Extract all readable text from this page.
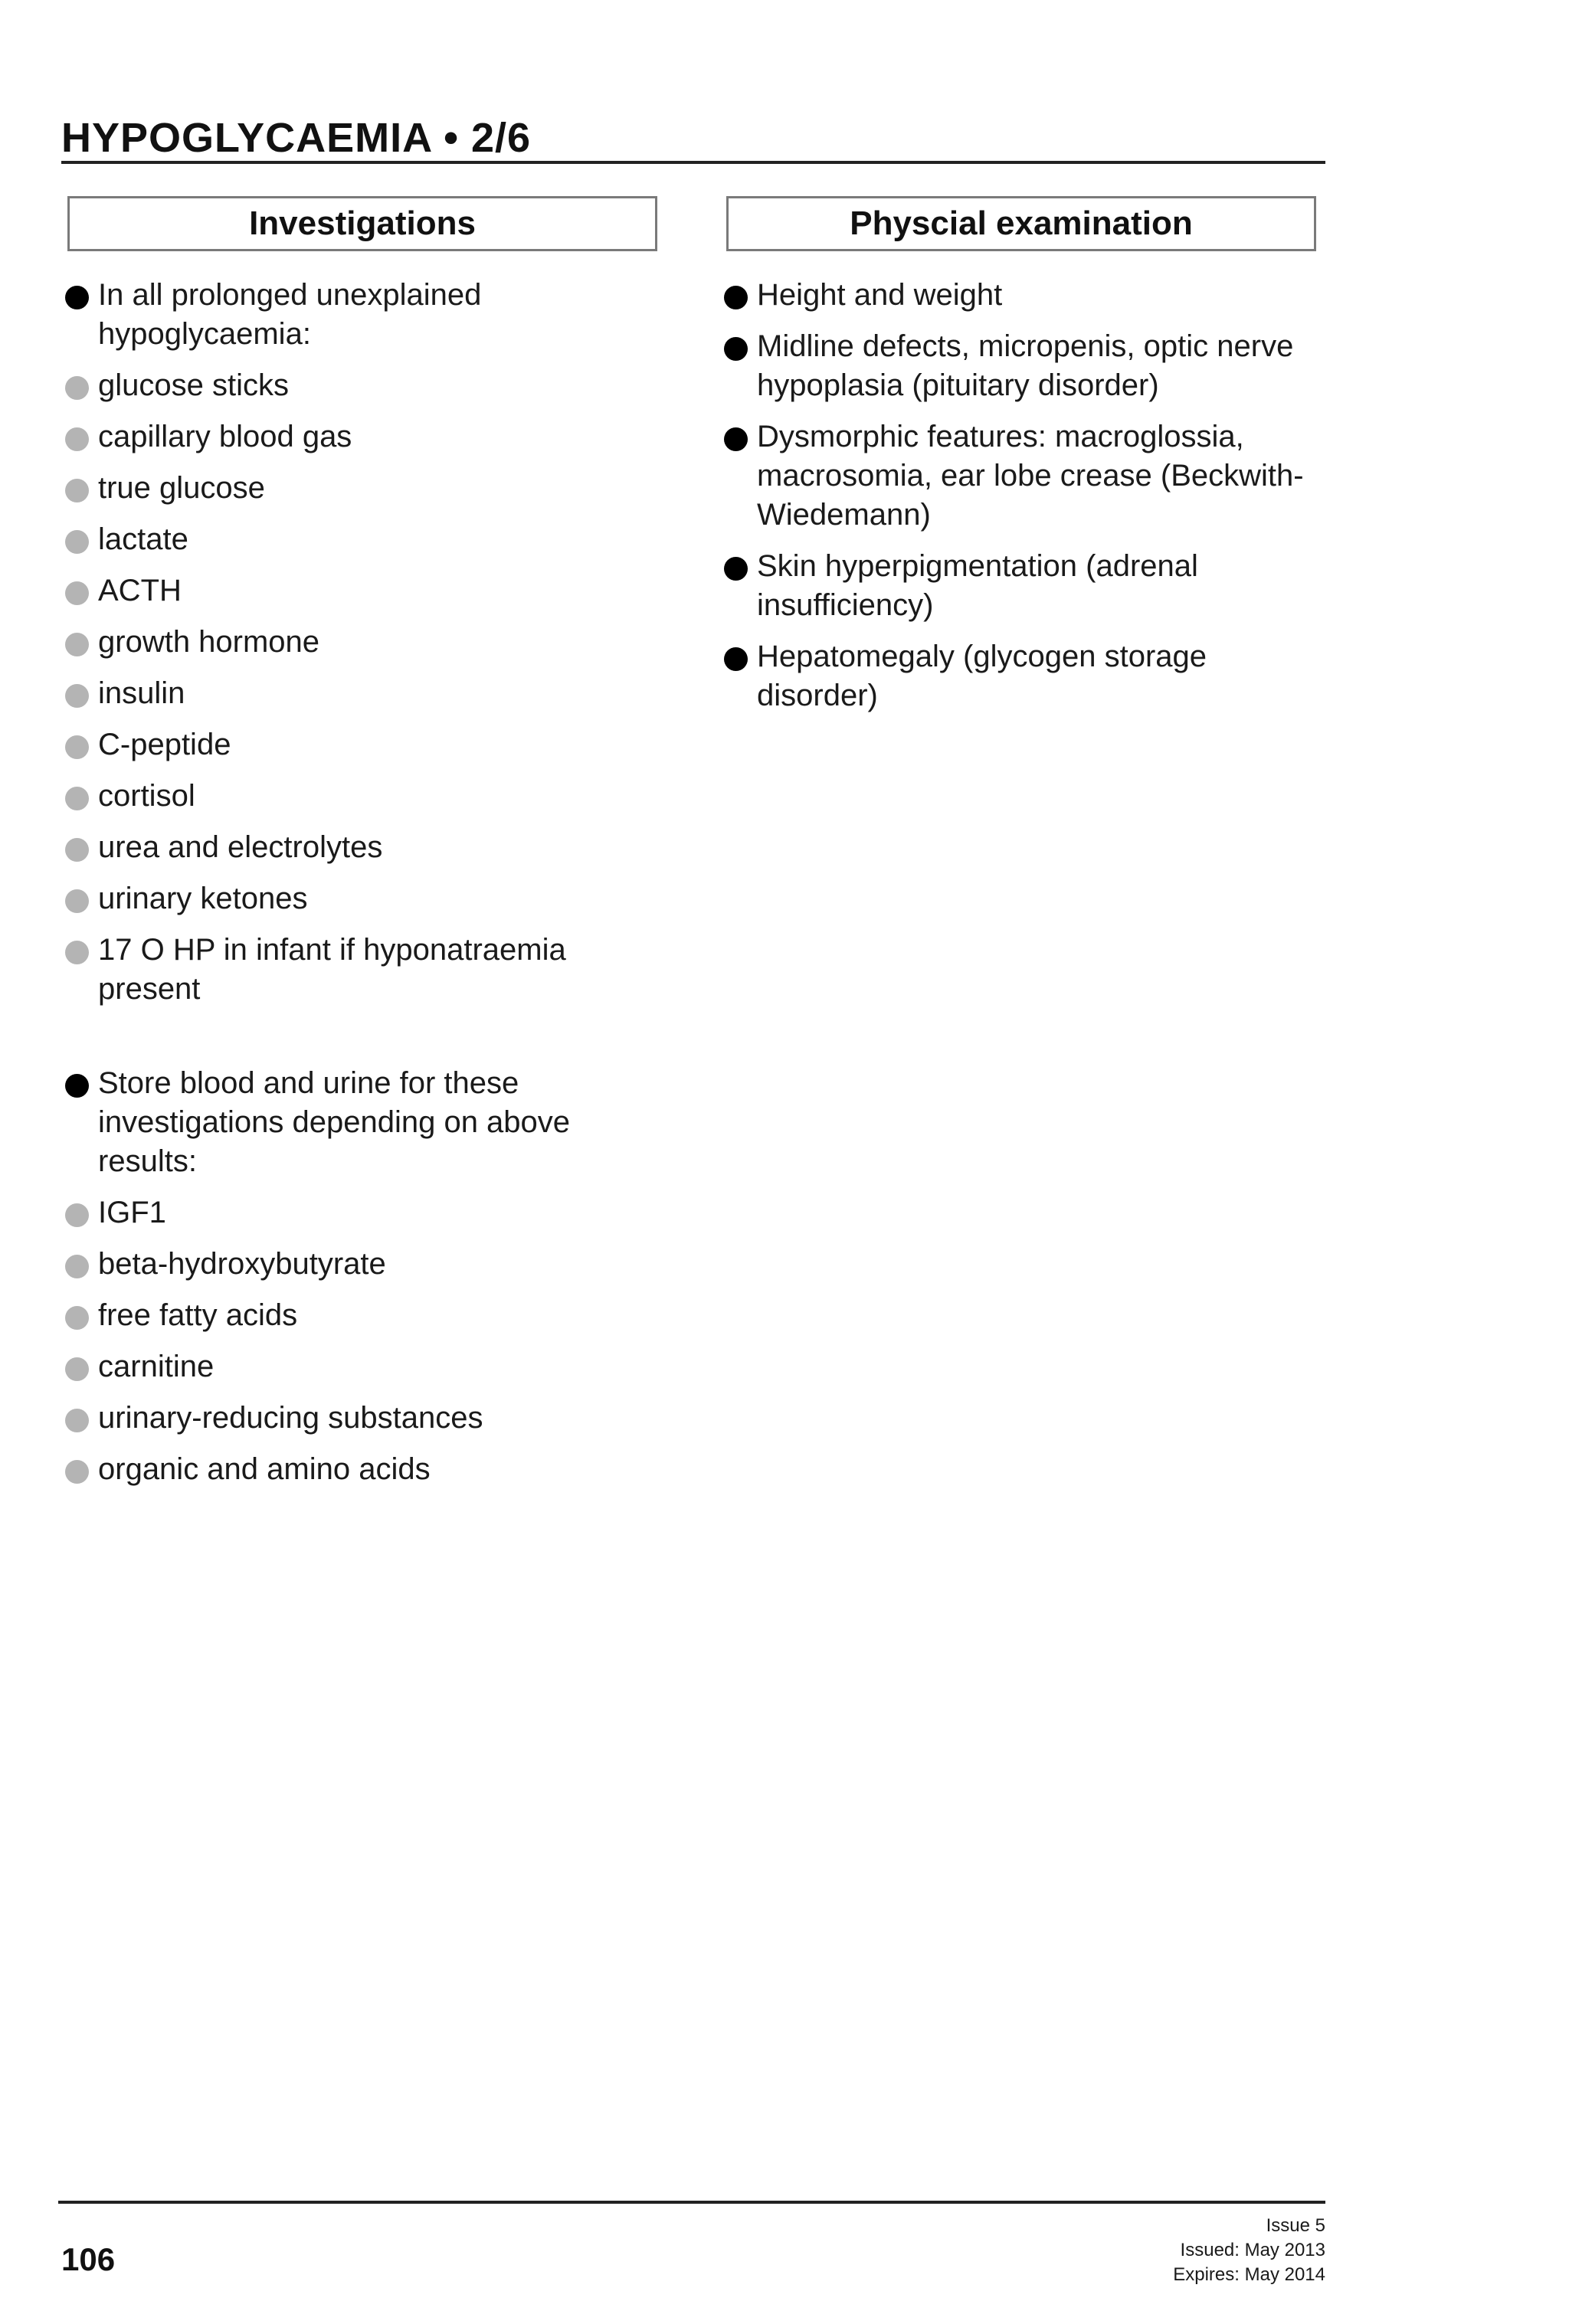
HYPOGLYCAEMIA • 2/6
Investigations
In all prolonged unexplained hypoglycaemia:
glucose sticks
capillary blood gas
true glucose
lactate
ACTH
growth hormone
insulin
C-peptide
cortisol
urea and electrolytes
urinary ketones
17 O HP in infant if hyponatraemia present
Store blood and urine for these investigations depending on above results:
IGF1
beta-hydroxybutyrate
free fatty acids
carnitine
urinary-reducing substances
organic and amino acids
Physcial examination
Height and weight
Midline defects, micropenis, optic nerve hypoplasia (pituitary disorder)
Dysmorphic features: macroglossia, macrosomia, ear lobe crease (Beckwith-Wiedemann)
Skin hyperpigmentation (adrenal insufficiency)
Hepatomegaly (glycogen storage disorder)
106
Issue 5
Issued: May 2013
Expires: May 2014
